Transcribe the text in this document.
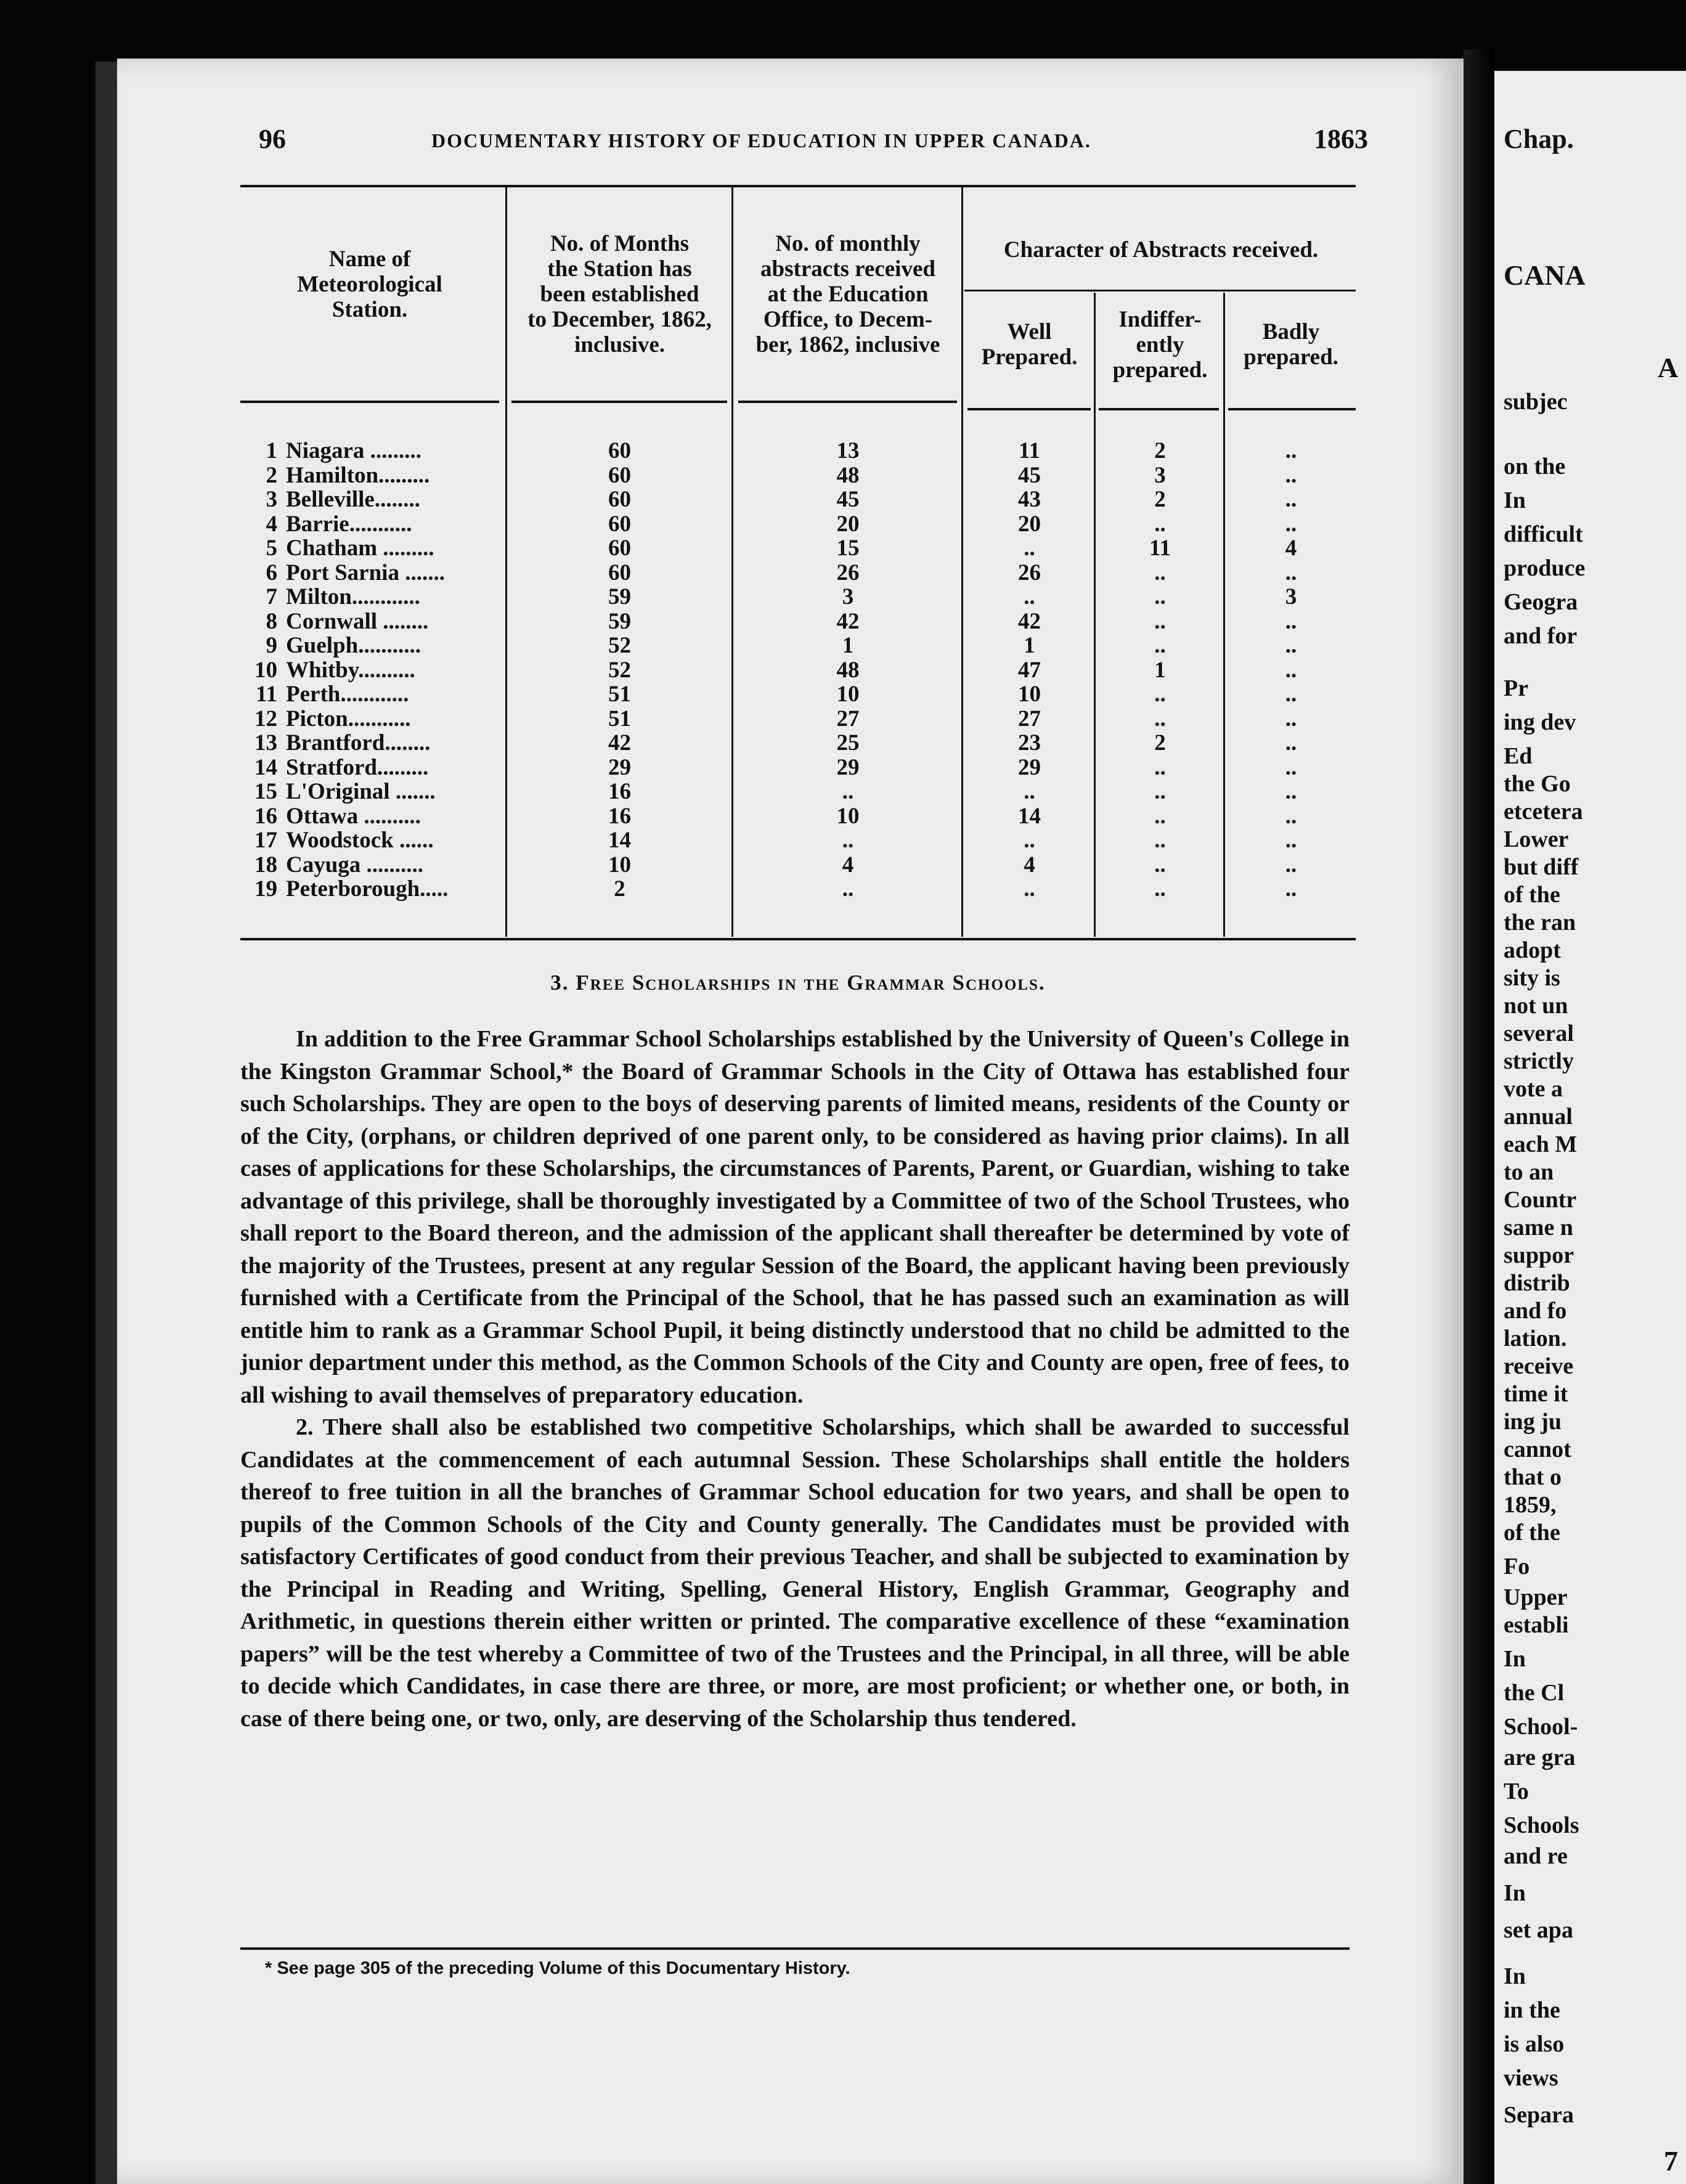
96	DOCUMENTARY HISTORY OF EDUCATION IN UPPER CANADA.	1863
Name of
Meteorological
Station.
No. of Months
the Station has
been established
to December, 1862,
inclusive.
No. of monthly
abstracts received
at the Education
Office, to Decem-
ber, 1862, inclusive
Character of Abstracts received.
Well
Prepared.
Indiffer-
ently
prepared.
Badly
prepared.
1 Niagara .........	60	13	11	2	..
2 Hamilton.........	60	48	45	3	..
3 Belleville........	60	45	43	2	..
4 Barrie...........	60	20	20	..	..
5 Chatham .........	60	15	..	11	4
6 Port Sarnia .......	60	26	26	..	..
7 Milton............	59	3	..	..	3
8 Cornwall ........	59	42	42	..	..
9 Guelph...........	52	1	1	..	..
10 Whitby..........	52	48	47	1	..
11 Perth............	51	10	10	..	..
12 Picton...........	51	27	27	..	..
13 Brantford........	42	25	23	2	..
14 Stratford.........	29	29	29	..	..
15 L'Original .......	16	..	..	..	..
16 Ottawa ..........	16	10	14	..	..
17 Woodstock ......	14	..	..	..	..
18 Cayuga ..........	10	4	4	..	..
19 Peterborough.....	2	..	..	..	..
3. Free Scholarships in the Grammar Schools.

In addition to the Free Grammar School Scholarships established by the University of Queen's College in the Kingston Grammar School,* the Board of Grammar Schools in the City of Ottawa has established four such Scholarships. They are open to the boys of deserving parents of limited means, residents of the County or of the City, (orphans, or children deprived of one parent only, to be considered as having prior claims). In all cases of applications for these Scholarships, the circumstances of Parents, Parent, or Guardian, wishing to take advantage of this privilege, shall be thoroughly investigated by a Committee of two of the School Trustees, who shall report to the Board thereon, and the admission of the applicant shall thereafter be determined by vote of the majority of the Trustees, present at any regular Session of the Board, the applicant having been previously furnished with a Certificate from the Principal of the School, that he has passed such an examination as will entitle him to rank as a Grammar School Pupil, it being distinctly understood that no child be admitted to the junior department under this method, as the Common Schools of the City and County are open, free of fees, to all wishing to avail themselves of preparatory education.

2. There shall also be established two competitive Scholarships, which shall be awarded to successful Candidates at the commencement of each autumnal Session. These Scholarships shall entitle the holders thereof to free tuition in all the branches of Grammar School education for two years, and shall be open to pupils of the Common Schools of the City and County generally. The Candidates must be provided with satisfactory Certificates of good conduct from their previous Teacher, and shall be subjected to examination by the Principal in Reading and Writing, Spelling, General History, English Grammar, Geography and Arithmetic, in questions therein either written or printed. The comparative excellence of these “examination papers” will be the test whereby a Committee of two of the Trustees and the Principal, in all three, will be able to decide which Candidates, in case there are three, or more, are most proficient; or whether one, or both, in case of there being one, or two, only, are deserving of the Scholarship thus tendered.

* See page 305 of the preceding Volume of this Documentary History.
Chap.
CANA
A
subjec
on the
In
difficult
produce
Geogra
and for
Pr
ing dev
Ed
the Go
etcetera
Lower
but diff
of the
the ran
adopt
sity is
not un
several
strictly
vote a
annual
each M
to an
Countr
same n
suppor
distrib
and fo
lation.
receive
time it
ing ju
cannot
that o
1859,
of the
Fo
Upper
establi
In
the Cl
School-
are gra
To
Schools
and re
In
set apa
In
in the
is also
views
Separa
7
